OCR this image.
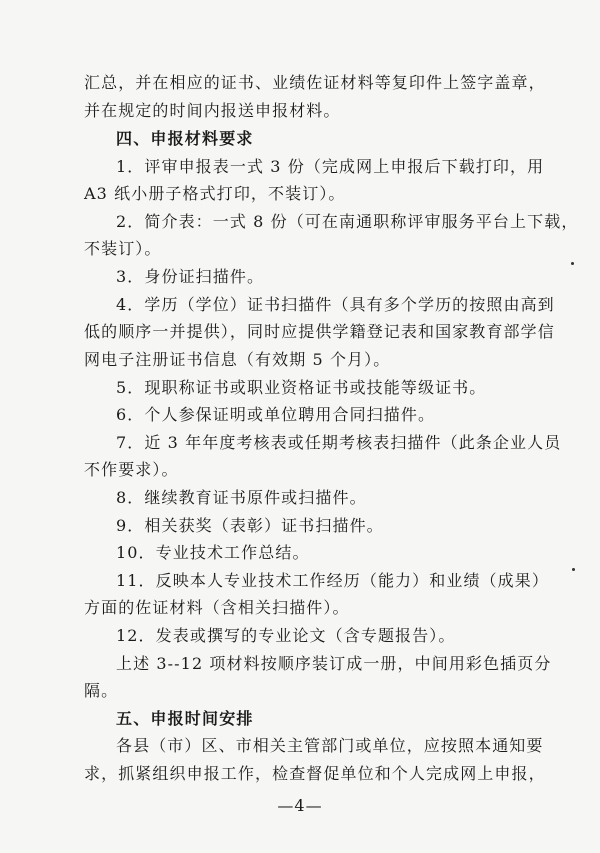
汇总，并在相应的证书、业绩佐证材料等复印件上签字盖章，
并在规定的时间内报送申报材料。
四、申报材料要求
1．评审申报表一式 3 份（完成网上申报后下载打印，用
A3 纸小册子格式打印，不装订）。
2．简介表：一式 8 份（可在南通职称评审服务平台上下载，
不装订）。
3．身份证扫描件。
4．学历（学位）证书扫描件（具有多个学历的按照由高到
低的顺序一并提供），同时应提供学籍登记表和国家教育部学信
网电子注册证书信息（有效期 5 个月）。
5．现职称证书或职业资格证书或技能等级证书。
6．个人参保证明或单位聘用合同扫描件。
7．近 3 年年度考核表或任期考核表扫描件（此条企业人员
不作要求）。
8．继续教育证书原件或扫描件。
9．相关获奖（表彰）证书扫描件。
10．专业技术工作总结。
11．反映本人专业技术工作经历（能力）和业绩（成果）
方面的佐证材料（含相关扫描件）。
12．发表或撰写的专业论文（含专题报告）。
上述 3--12 项材料按顺序装订成一册，中间用彩色插页分
隔。
五、申报时间安排
各县（市）区、市相关主管部门或单位，应按照本通知要
求，抓紧组织申报工作，检查督促单位和个人完成网上申报，
—4—
